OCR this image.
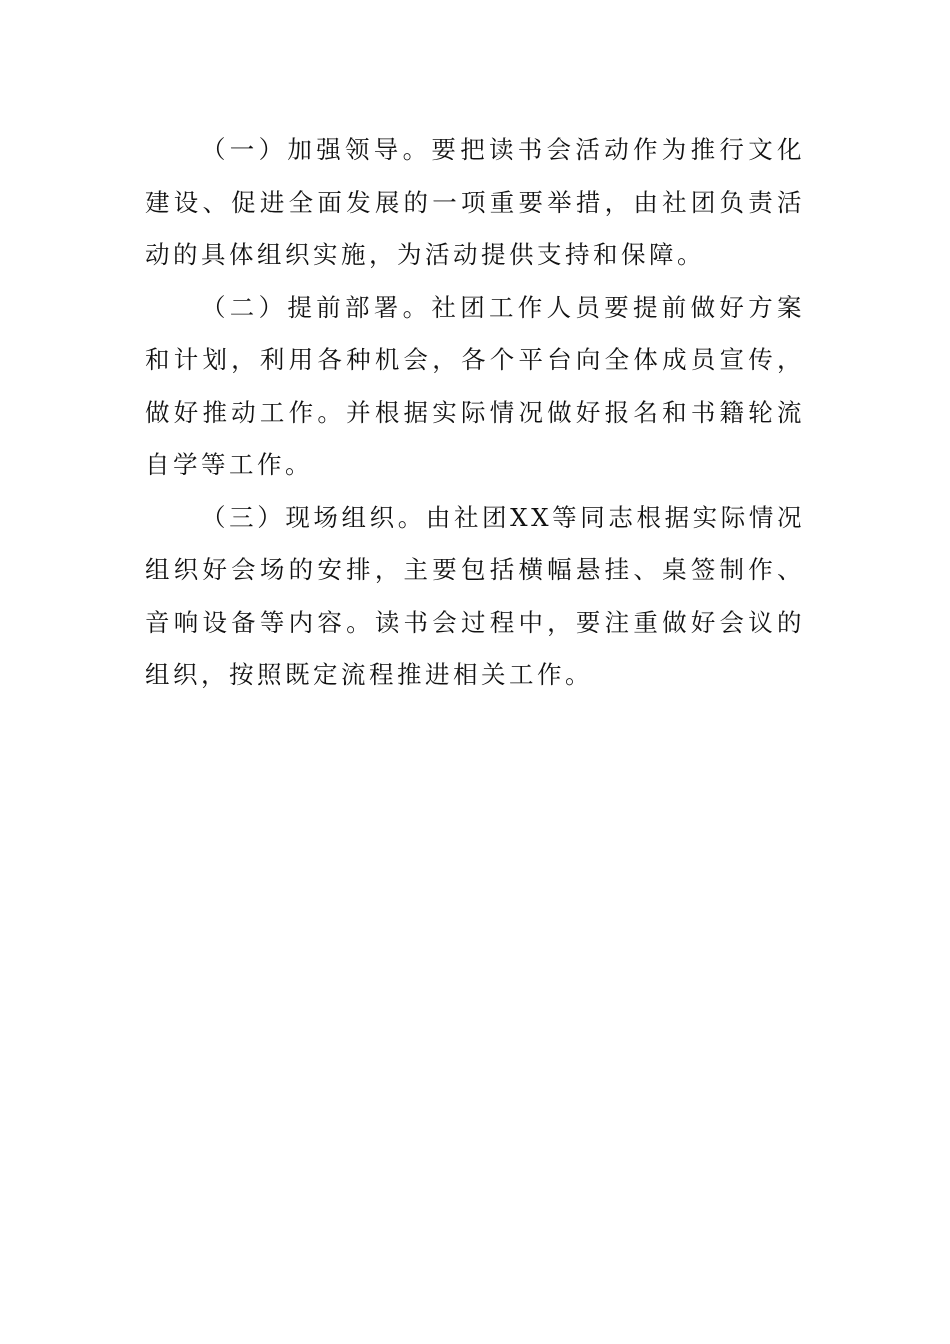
（一）加强领导。要把读书会活动作为推行文化建设、促进全面发展的一项重要举措，由社团负责活动的具体组织实施，为活动提供支持和保障。

（二）提前部署。社团工作人员要提前做好方案和计划，利用各种机会，各个平台向全体成员宣传，做好推动工作。并根据实际情况做好报名和书籍轮流自学等工作。

（三）现场组织。由社团XX等同志根据实际情况组织好会场的安排，主要包括横幅悬挂、桌签制作、音响设备等内容。读书会过程中，要注重做好会议的组织，按照既定流程推进相关工作。
